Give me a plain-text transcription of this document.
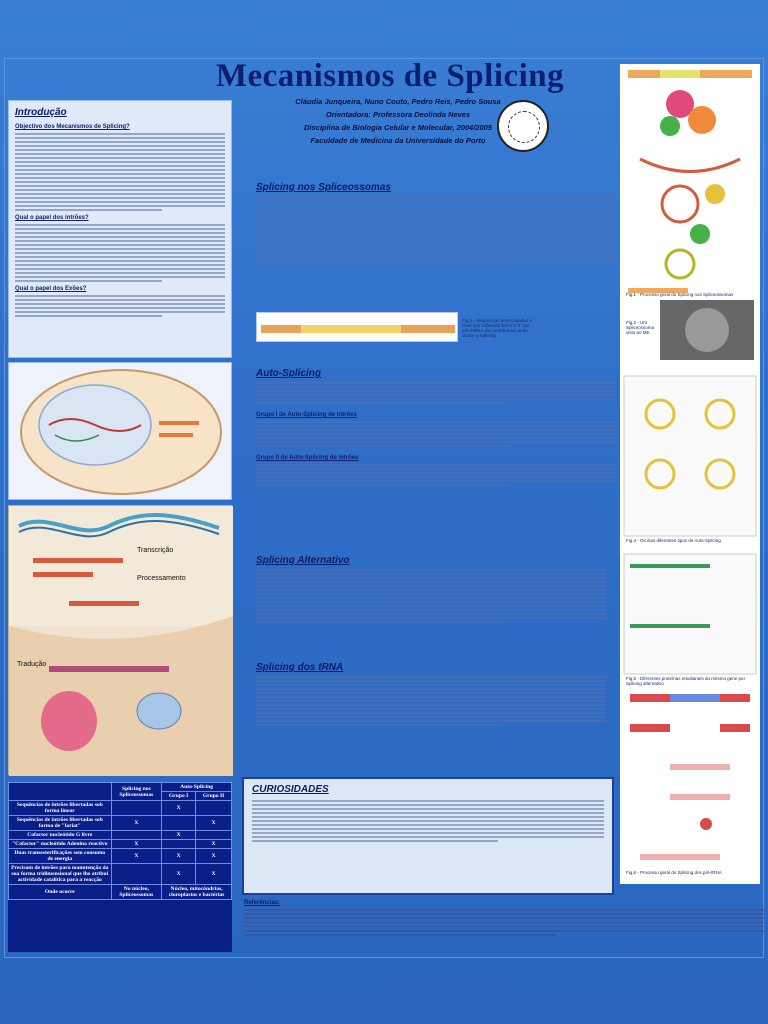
Mecanismos de Splicing
Cláudia Junqueira, Nuno Couto, Pedro Reis, Pedro Sousa
Orientadora: Professora Deolinda Neves
Disciplina de Biologia Celular e Molecular, 2004/2005
Faculdade de Medicina da Universidade do Porto
Introdução
Objectivo dos Mecanismos de Splicing?
Qual o papel dos intrões?
Qual o papel dos Exões?
Transcrição
Processamento
Tradução
	Splicing nos Spliceossomas	Auto-Splicing	
		Grupo I	Grupo II
Sequências de intrões libertadas sob forma linear		X	
Sequências de intrões libertadas sob forma de "lariat"	X		X
Cofactor nucleótido G livre		X	
"Cofactor" nucleótido Adenina reactivo	X		X
Duas transesterificações sem consumo de energia	X	X	X
Precisam de intrões para manutenção da sua forma tridimensional que lhe atribui actividade catalítica para a reacção		X	X
Onde ocorre	No núcleo, Spliceossomas	Núcleo, mitocôndrias, cloroplastos e bactérias	
Splicing nos Spliceossomas
Fig.3 - Sequências determinadas a nível dos exões/intrões 5' e 3' dos pré-mRNA dos vertebrados onde ocorre o Splicing
Auto-Splicing
Grupo I de Auto-Splicing de Intrões
Grupo II de Auto-Splicing de Intrões
Splicing Alternativo
Splicing dos tRNA
CURIOSIDADES
Referências:
Fig.1 - Processo geral do Splicing nos Spliceossomas
Fig.2 - Um Spliceossoma visto ao ME
Fig.4 - Os dois diferentes tipos de Auto-Splicing
Fig.5 - Diferentes proteínas resultantes do mesmo gene por Splicing alternativo
Fig.6 - Processo geral do Splicing dos pré-tRNA
